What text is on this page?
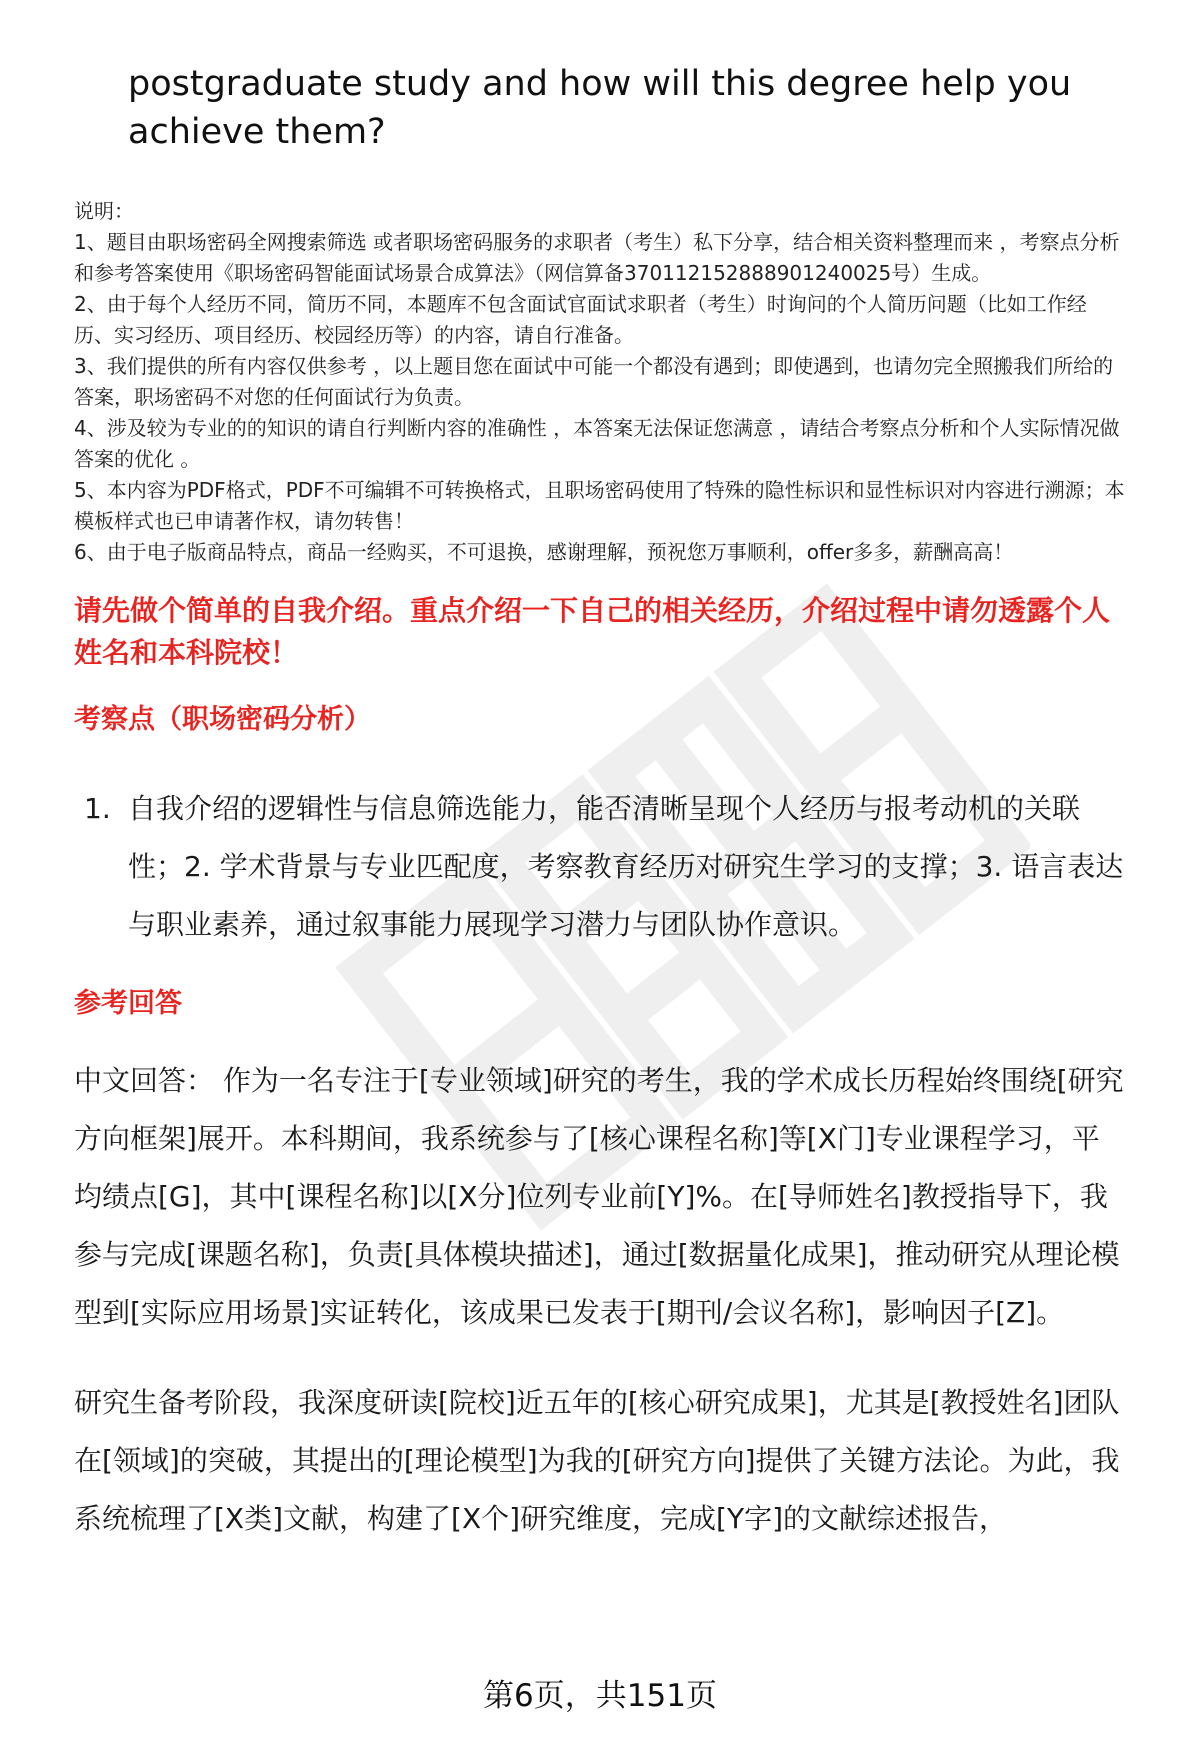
postgraduate study and how will this degree help you achieve them?

说明：

1、题目由职场密码全网搜索筛选 或者职场密码服务的求职者（考生）私下分享，结合相关资料整理而来 ，考察点分析和参考答案使用《职场密码智能面试场景合成算法》（网信算备370112152888901240025号）生成。

2、由于每个人经历不同，简历不同，本题库不包含面试官面试求职者（考生）时询问的个人简历问题（比如工作经历、实习经历、项目经历、校园经历等）的内容，请自行准备。

3、我们提供的所有内容仅供参考 ，以上题目您在面试中可能一个都没有遇到；即使遇到，也请勿完全照搬我们所给的答案，职场密码不对您的任何面试行为负责。

4、涉及较为专业的的知识的请自行判断内容的准确性 ，本答案无法保证您满意 ，请结合考察点分析和个人实际情况做答案的优化 。

5、本内容为PDF格式，PDF不可编辑不可转换格式，且职场密码使用了特殊的隐性标识和显性标识对内容进行溯源；本模板样式也已申请著作权，请勿转售！

6、由于电子版商品特点，商品一经购买，不可退换，感谢理解，预祝您万事顺利，offer多多，薪酬高高！

请先做个简单的自我介绍。重点介绍一下自己的相关经历，介绍过程中请勿透露个人姓名和本科院校！

考察点（职场密码分析）

1. 自我介绍的逻辑性与信息筛选能力，能否清晰呈现个人经历与报考动机的关联性；2. 学术背景与专业匹配度，考察教育经历对研究生学习的支撑；3. 语言表达与职业素养，通过叙事能力展现学习潜力与团队协作意识。

参考回答

中文回答： 作为一名专注于[专业领域]研究的考生，我的学术成长历程始终围绕[研究方向框架]展开。本科期间，我系统参与了[核心课程名称]等[X门]专业课程学习，平均绩点[G]，其中[课程名称]以[X分]位列专业前[Y]%。在[导师姓名]教授指导下，我参与完成[课题名称]，负责[具体模块描述]，通过[数据量化成果]，推动研究从理论模型到[实际应用场景]实证转化，该成果已发表于[期刊/会议名称]，影响因子[Z]。

研究生备考阶段，我深度研读[院校]近五年的[核心研究成果]，尤其是[教授姓名]团队在[领域]的突破，其提出的[理论模型]为我的[研究方向]提供了关键方法论。为此，我系统梳理了[X类]文献，构建了[X个]研究维度，完成[Y字]的文献综述报告，

第6页，共151页
